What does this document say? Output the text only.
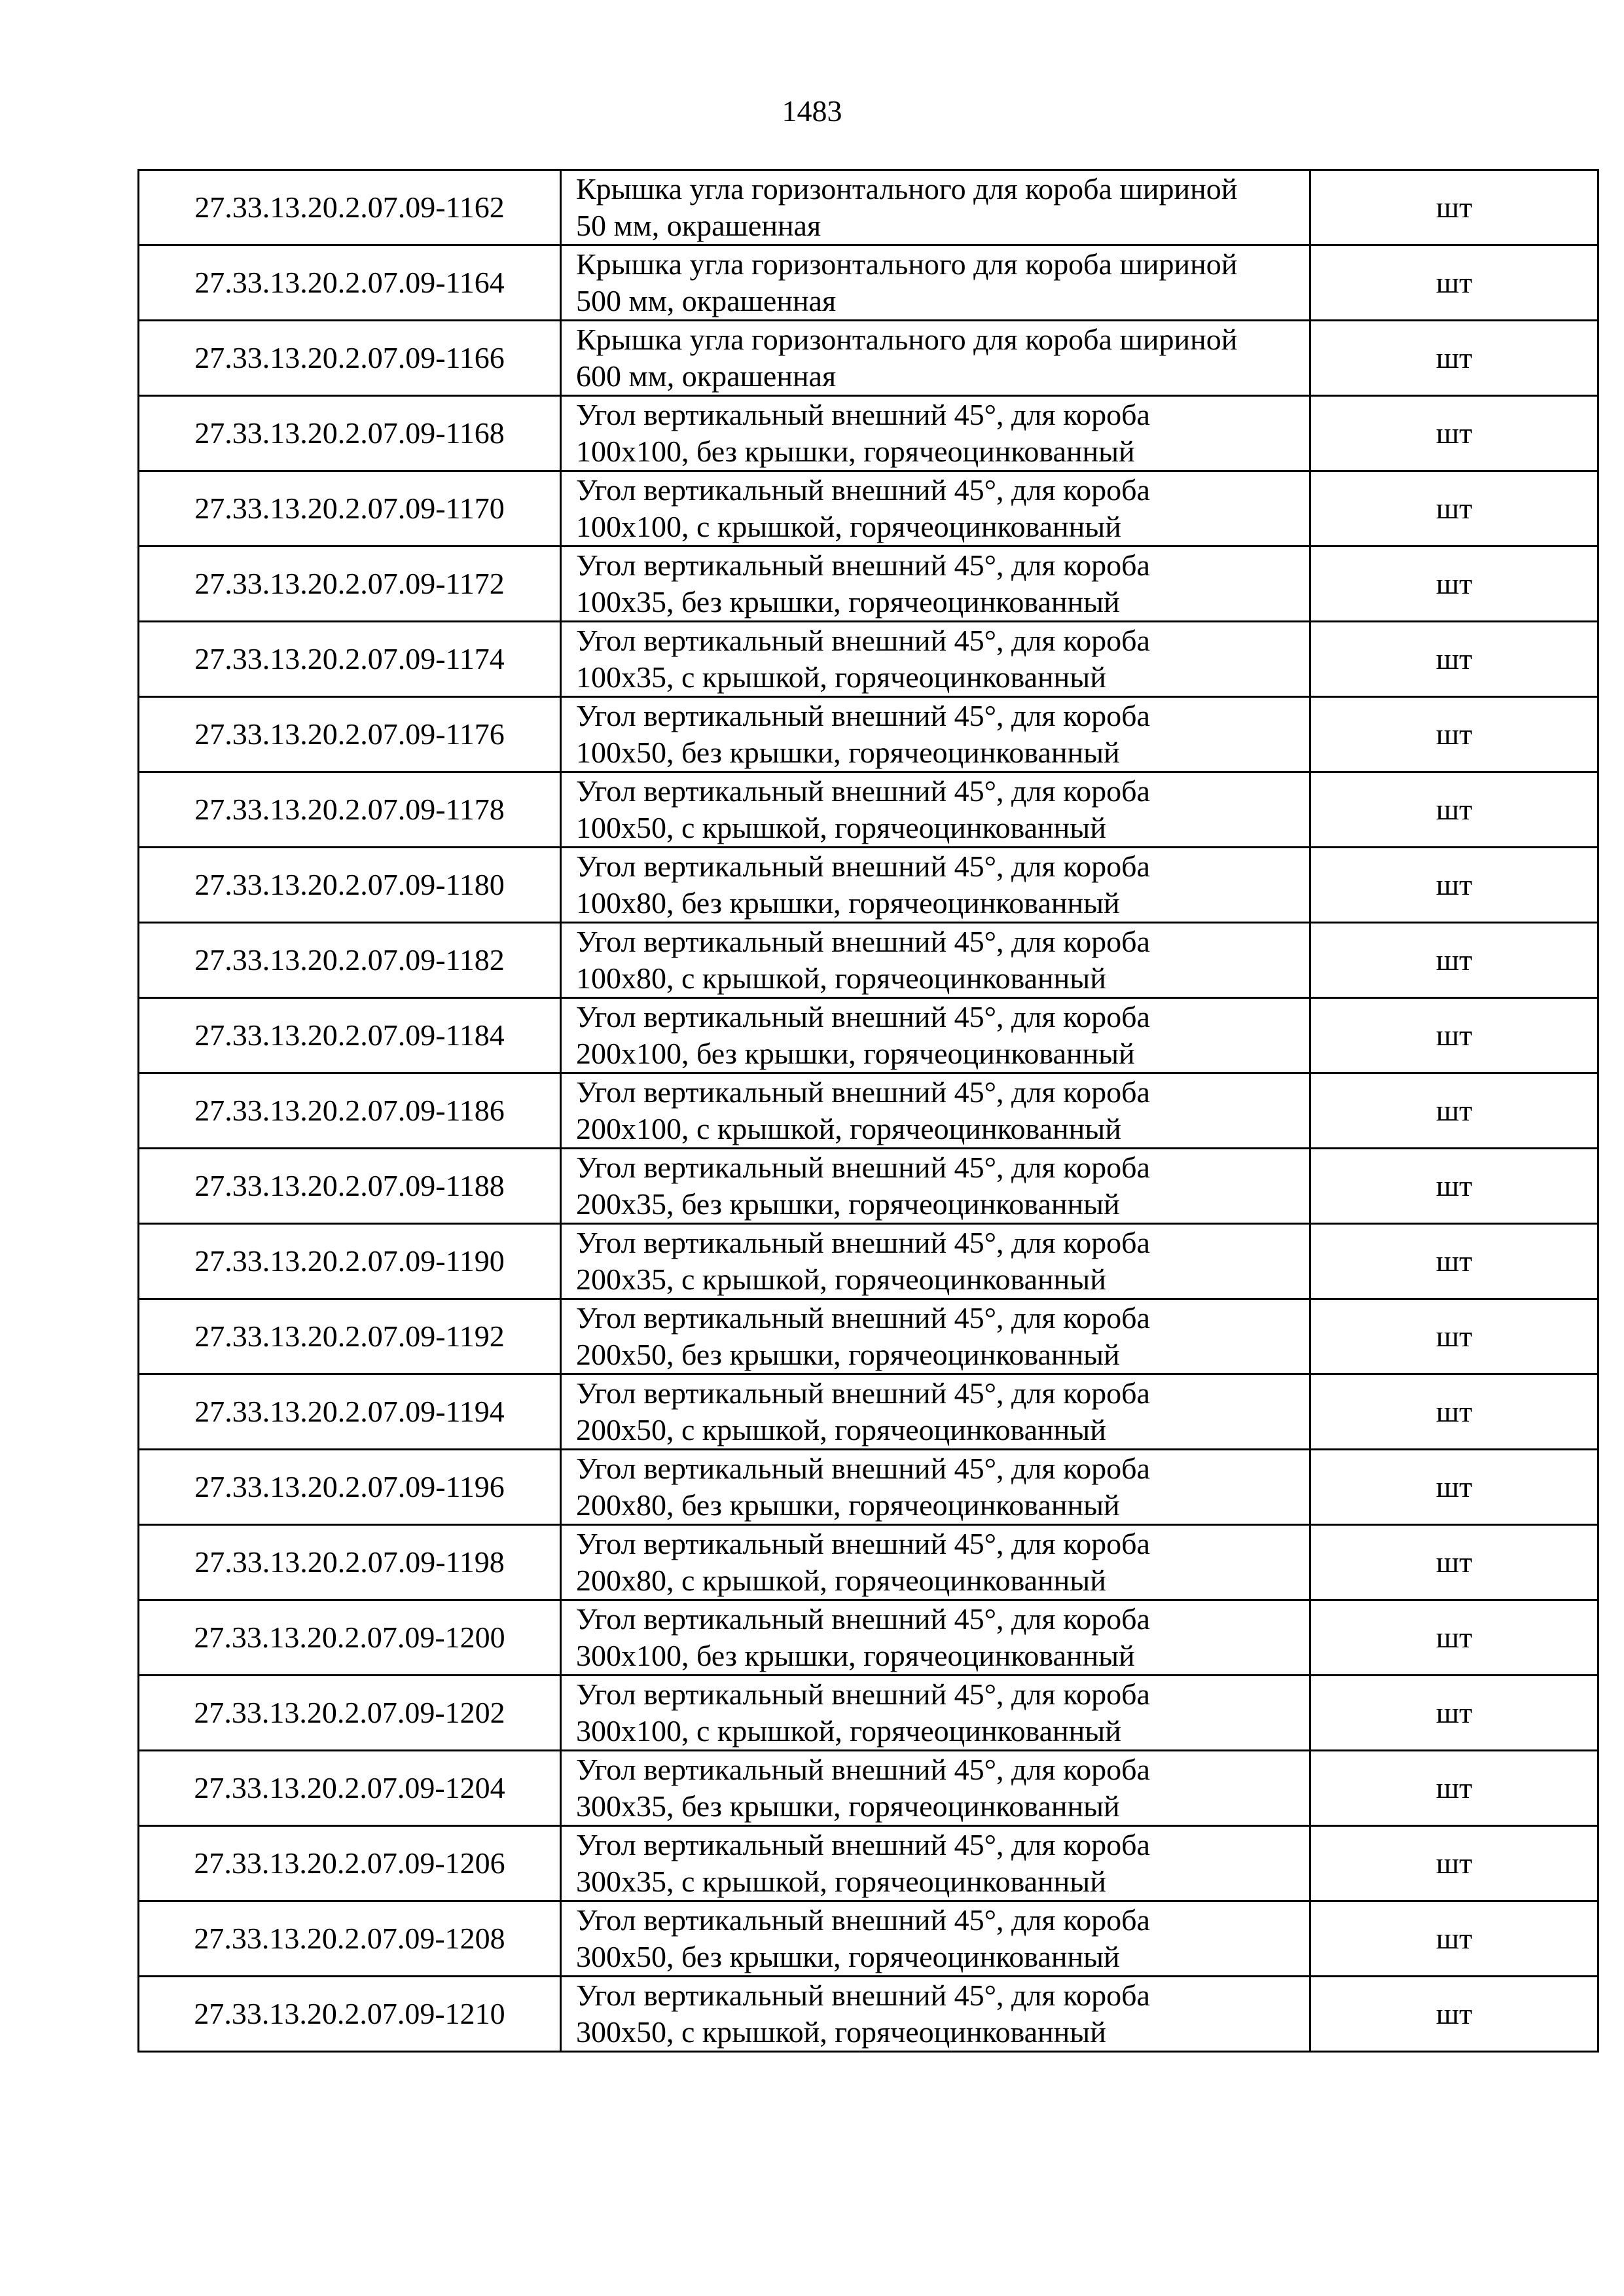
1483
27.33.13.20.2.07.09-1162	Крышка угла горизонтального для короба шириной
50 мм, окрашенная	шт
27.33.13.20.2.07.09-1164	Крышка угла горизонтального для короба шириной
500 мм, окрашенная	шт
27.33.13.20.2.07.09-1166	Крышка угла горизонтального для короба шириной
600 мм, окрашенная	шт
27.33.13.20.2.07.09-1168	Угол вертикальный внешний 45°, для короба
100х100, без крышки, горячеоцинкованный	шт
27.33.13.20.2.07.09-1170	Угол вертикальный внешний 45°, для короба
100х100, с крышкой, горячеоцинкованный	шт
27.33.13.20.2.07.09-1172	Угол вертикальный внешний 45°, для короба
100х35, без крышки, горячеоцинкованный	шт
27.33.13.20.2.07.09-1174	Угол вертикальный внешний 45°, для короба
100х35, с крышкой, горячеоцинкованный	шт
27.33.13.20.2.07.09-1176	Угол вертикальный внешний 45°, для короба
100х50, без крышки, горячеоцинкованный	шт
27.33.13.20.2.07.09-1178	Угол вертикальный внешний 45°, для короба
100х50, с крышкой, горячеоцинкованный	шт
27.33.13.20.2.07.09-1180	Угол вертикальный внешний 45°, для короба
100х80, без крышки, горячеоцинкованный	шт
27.33.13.20.2.07.09-1182	Угол вертикальный внешний 45°, для короба
100х80, с крышкой, горячеоцинкованный	шт
27.33.13.20.2.07.09-1184	Угол вертикальный внешний 45°, для короба
200х100, без крышки, горячеоцинкованный	шт
27.33.13.20.2.07.09-1186	Угол вертикальный внешний 45°, для короба
200х100, с крышкой, горячеоцинкованный	шт
27.33.13.20.2.07.09-1188	Угол вертикальный внешний 45°, для короба
200х35, без крышки, горячеоцинкованный	шт
27.33.13.20.2.07.09-1190	Угол вертикальный внешний 45°, для короба
200х35, с крышкой, горячеоцинкованный	шт
27.33.13.20.2.07.09-1192	Угол вертикальный внешний 45°, для короба
200х50, без крышки, горячеоцинкованный	шт
27.33.13.20.2.07.09-1194	Угол вертикальный внешний 45°, для короба
200х50, с крышкой, горячеоцинкованный	шт
27.33.13.20.2.07.09-1196	Угол вертикальный внешний 45°, для короба
200х80, без крышки, горячеоцинкованный	шт
27.33.13.20.2.07.09-1198	Угол вертикальный внешний 45°, для короба
200х80, с крышкой, горячеоцинкованный	шт
27.33.13.20.2.07.09-1200	Угол вертикальный внешний 45°, для короба
300х100, без крышки, горячеоцинкованный	шт
27.33.13.20.2.07.09-1202	Угол вертикальный внешний 45°, для короба
300х100, с крышкой, горячеоцинкованный	шт
27.33.13.20.2.07.09-1204	Угол вертикальный внешний 45°, для короба
300х35, без крышки, горячеоцинкованный	шт
27.33.13.20.2.07.09-1206	Угол вертикальный внешний 45°, для короба
300х35, с крышкой, горячеоцинкованный	шт
27.33.13.20.2.07.09-1208	Угол вертикальный внешний 45°, для короба
300х50, без крышки, горячеоцинкованный	шт
27.33.13.20.2.07.09-1210	Угол вертикальный внешний 45°, для короба
300х50, с крышкой, горячеоцинкованный	шт
